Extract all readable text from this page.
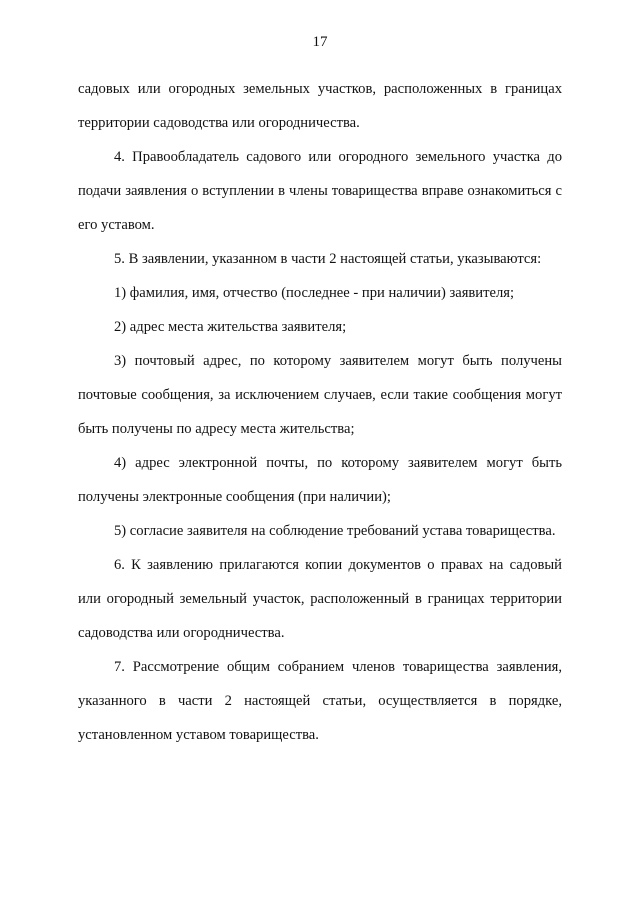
17

садовых или огородных земельных участков, расположенных в границах территории садоводства или огородничества.

4. Правообладатель садового или огородного земельного участка до подачи заявления о вступлении в члены товарищества вправе ознакомиться с его уставом.

5. В заявлении, указанном в части 2 настоящей статьи, указываются:

1) фамилия, имя, отчество (последнее - при наличии) заявителя;

2) адрес места жительства заявителя;

3) почтовый адрес, по которому заявителем могут быть получены почтовые сообщения, за исключением случаев, если такие сообщения могут быть получены по адресу места жительства;

4) адрес электронной почты, по которому заявителем могут быть получены электронные сообщения (при наличии);

5) согласие заявителя на соблюдение требований устава товарищества.

6. К заявлению прилагаются копии документов о правах на садовый или огородный земельный участок, расположенный в границах территории садоводства или огородничества.

7. Рассмотрение общим собранием членов товарищества заявления, указанного в части 2 настоящей статьи, осуществляется в порядке, установленном уставом товарищества.
